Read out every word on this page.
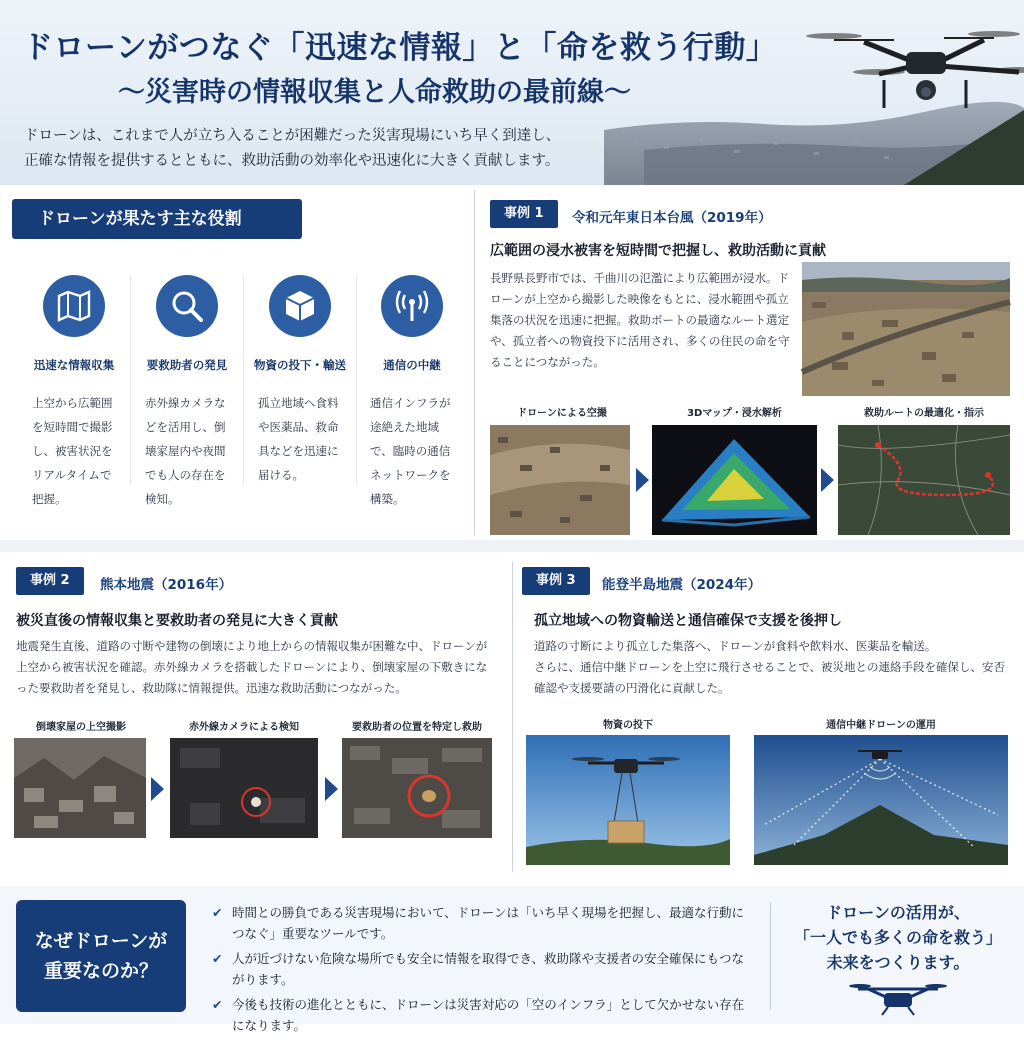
ドローンがつなぐ「迅速な情報」と「命を救う行動」
〜災害時の情報収集と人命救助の最前線〜
ドローンは、これまで人が立ち入ることが困難だった災害現場にいち早く到達し、
正確な情報を提供するとともに、救助活動の効率化や迅速化に大きく貢献します。
ドローンが果たす主な役割
迅速な情報収集
上空から広範囲を短時間で撮影し、被害状況をリアルタイムで把握。
要救助者の発見
赤外線カメラなどを活用し、倒壊家屋内や夜間でも人の存在を検知。
物資の投下・輸送
孤立地域へ食料や医薬品、救命具などを迅速に届ける。
通信の中継
通信インフラが途絶えた地域で、臨時の通信ネットワークを構築。
事例 1	令和元年東日本台風（2019年）
広範囲の浸水被害を短時間で把握し、救助活動に貢献
長野県長野市では、千曲川の氾濫により広範囲が浸水。ドローンが上空から撮影した映像をもとに、浸水範囲や孤立集落の状況を迅速に把握。救助ボートの最適なルート選定や、孤立者への物資投下に活用され、多くの住民の命を守ることにつながった。
ドローンによる空撮	3Dマップ・浸水解析	救助ルートの最適化・指示
事例 2	熊本地震（2016年）
被災直後の情報収集と要救助者の発見に大きく貢献
地震発生直後、道路の寸断や建物の倒壊により地上からの情報収集が困難な中、ドローンが上空から被害状況を確認。赤外線カメラを搭載したドローンにより、倒壊家屋の下敷きになった要救助者を発見し、救助隊に情報提供。迅速な救助活動につながった。
倒壊家屋の上空撮影	赤外線カメラによる検知	要救助者の位置を特定し救助
事例 3	能登半島地震（2024年）
孤立地域への物資輸送と通信確保で支援を後押し
道路の寸断により孤立した集落へ、ドローンが食料や飲料水、医薬品を輸送。
さらに、通信中継ドローンを上空に飛行させることで、被災地との連絡手段を確保し、安否確認や支援要請の円滑化に貢献した。
物資の投下	通信中継ドローンの運用
なぜドローンが
重要なのか？
✔ 時間との勝負である災害現場において、ドローンは「いち早く現場を把握し、最適な行動につなぐ」重要なツールです。
✔ 人が近づけない危険な場所でも安全に情報を取得でき、救助隊や支援者の安全確保にもつながります。
✔ 今後も技術の進化とともに、ドローンは災害対応の「空のインフラ」として欠かせない存在になります。
ドローンの活用が、
「一人でも多くの命を救う」
未来をつくります。
